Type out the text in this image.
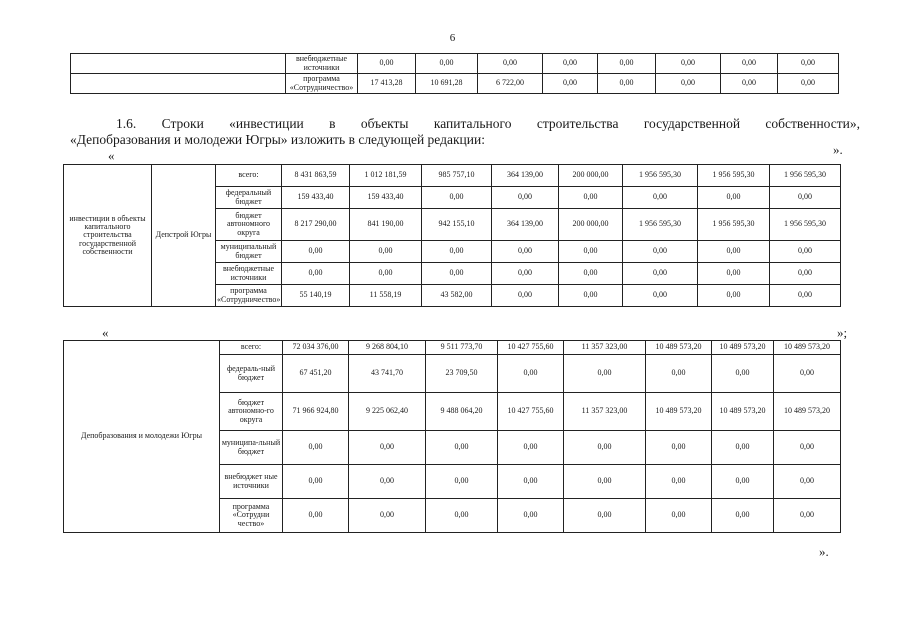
6
	внебюджетные источники	0,00	0,00	0,00	0,00	0,00	0,00	0,00	0,00
	программа «Сотрудничество»	17 413,28	10 691,28	6 722,00	0,00	0,00	0,00	0,00	0,00
1.6. Строки «инвестиции в объекты капитального строительства государственной собственности»,
«Депобразования и молодежи Югры» изложить в следующей редакции:
«
инвестиции в объекты капитального строительства государственной собственности	Депстрой Югры	всего:	8 431 863,59	1 012 181,59	985 757,10	364 139,00	200 000,00	1 956 595,30	1 956 595,30	1 956 595,30
		федеральный бюджет	159 433,40	159 433,40	0,00	0,00	0,00	0,00	0,00	0,00
		бюджет автономного округа	8 217 290,00	841 190,00	942 155,10	364 139,00	200 000,00	1 956 595,30	1 956 595,30	1 956 595,30
		муниципальный бюджет	0,00	0,00	0,00	0,00	0,00	0,00	0,00	0,00
		внебюджетные источники	0,00	0,00	0,00	0,00	0,00	0,00	0,00	0,00
		программа «Сотрудничество»	55 140,19	11 558,19	43 582,00	0,00	0,00	0,00	0,00	0,00
«	»;
».
Депобразования и молодежи Югры	всего:	72 034 376,00	9 268 804,10	9 511 773,70	10 427 755,60	11 357 323,00	10 489 573,20	10 489 573,20	10 489 573,20
	федераль-ный бюджет	67 451,20	43 741,70	23 709,50	0,00	0,00	0,00	0,00	0,00
	бюджет автономно-го округа	71 966 924,80	9 225 062,40	9 488 064,20	10 427 755,60	11 357 323,00	10 489 573,20	10 489 573,20	10 489 573,20
	муниципа-льный бюджет	0,00	0,00	0,00	0,00	0,00	0,00	0,00	0,00
	внебюджет ные источники	0,00	0,00	0,00	0,00	0,00	0,00	0,00	0,00
	программа «Сотрудни чество»	0,00	0,00	0,00	0,00	0,00	0,00	0,00	0,00
».
